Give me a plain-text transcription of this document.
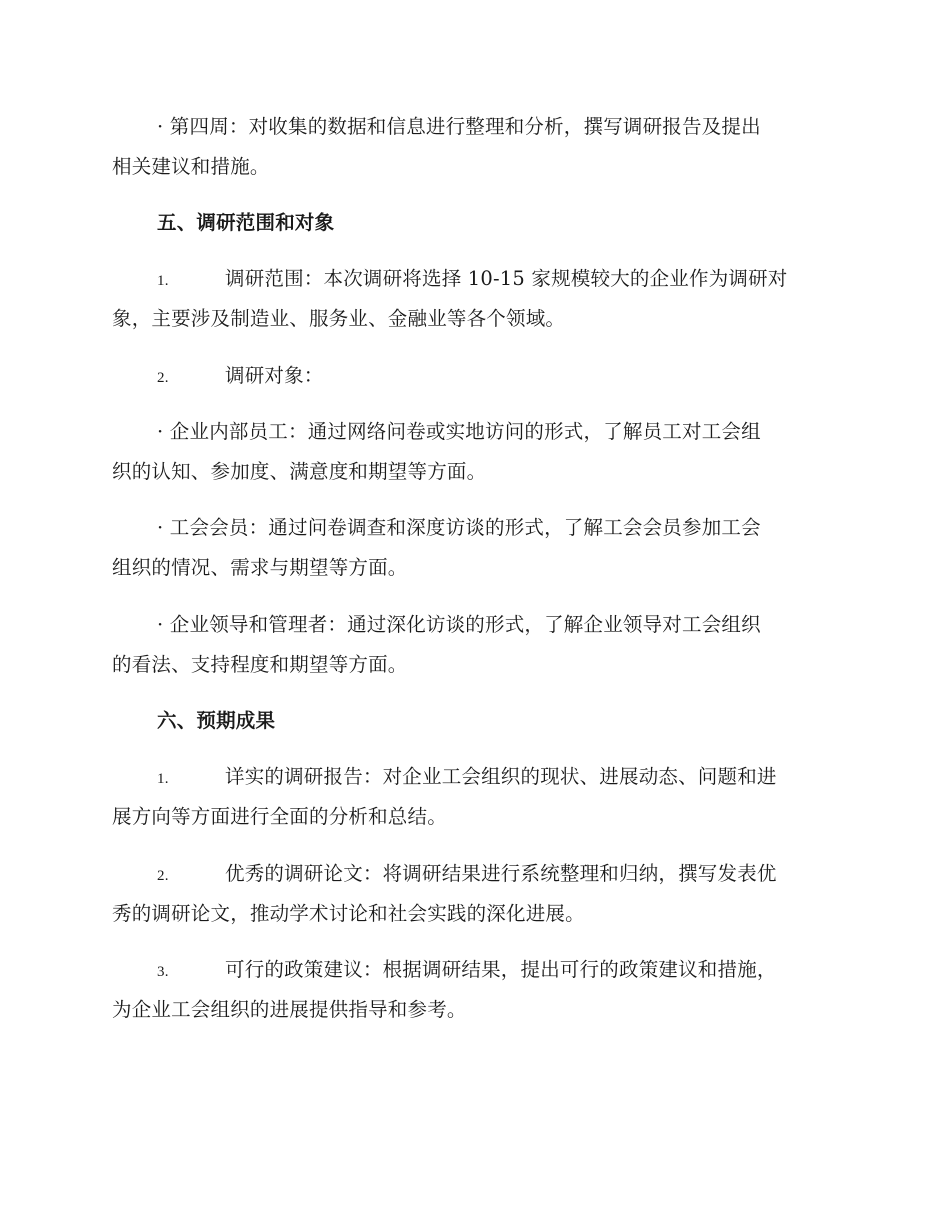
· 第四周：对收集的数据和信息进行整理和分析，撰写调研报告及提出
相关建议和措施。
五、调研范围和对象
1.	调研范围：本次调研将选择 10-15 家规模较大的企业作为调研对
象，主要涉及制造业、服务业、金融业等各个领域。
2.	调研对象：
· 企业内部员工：通过网络问卷或实地访问的形式，了解员工对工会组
织的认知、参加度、满意度和期望等方面。
· 工会会员：通过问卷调查和深度访谈的形式，了解工会会员参加工会
组织的情况、需求与期望等方面。
· 企业领导和管理者：通过深化访谈的形式，了解企业领导对工会组织
的看法、支持程度和期望等方面。
六、预期成果
1.	详实的调研报告：对企业工会组织的现状、进展动态、问题和进
展方向等方面进行全面的分析和总结。
2.	优秀的调研论文：将调研结果进行系统整理和归纳，撰写发表优
秀的调研论文，推动学术讨论和社会实践的深化进展。
3.	可行的政策建议：根据调研结果，提出可行的政策建议和措施，
为企业工会组织的进展提供指导和参考。
